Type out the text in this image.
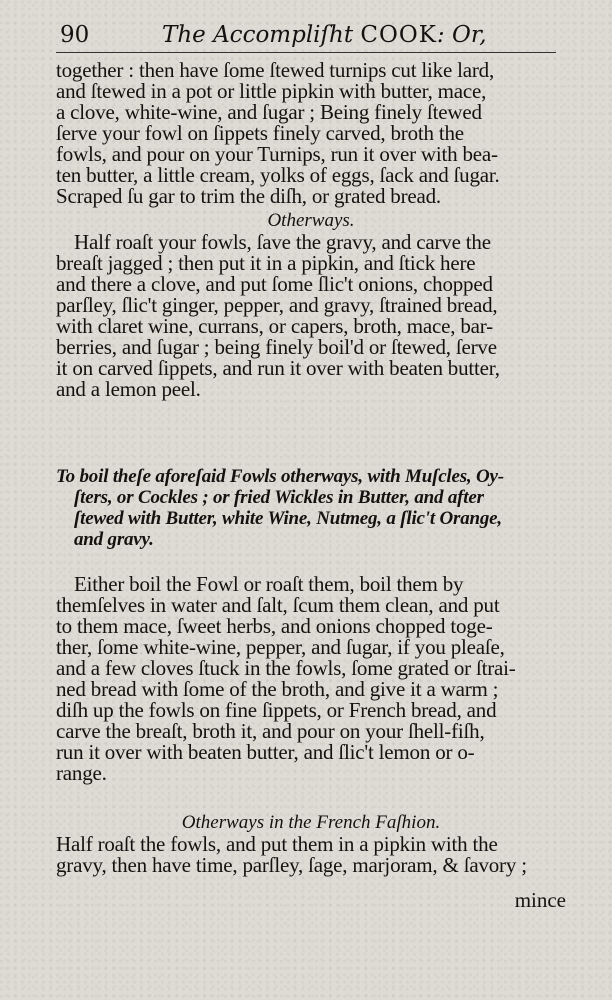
90	The Accompliſht COOK: Or,
together : then have ſome ſtewed turnips cut like lard,
and ſtewed in a pot or little pipkin with butter, mace,
a clove, white-wine, and ſugar ; Being finely ſtewed
ſerve your fowl on ſippets finely carved, broth the
fowls, and pour on your Turnips, run it over with bea-
ten butter, a little cream, yolks of eggs, ſack and ſugar.
Scraped ſu gar to trim the diſh, or grated bread.
Otherways.
Half roaſt your fowls, ſave the gravy, and carve the
breaſt jagged ; then put it in a pipkin, and ſtick here
and there a clove, and put ſome ſlic't onions, chopped
parſley, ſlic't ginger, pepper, and gravy, ſtrained bread,
with claret wine, currans, or capers, broth, mace, bar-
berries, and ſugar ; being finely boil'd or ſtewed, ſerve
it on carved ſippets, and run it over with beaten butter,
and a lemon peel.
To boil theſe aforeſaid Fowls otherways, with Muſcles, Oy-
ſters, or Cockles ; or fried Wickles in Butter, and after
ſtewed with Butter, white Wine, Nutmeg, a ſlic't Orange,
and gravy.
Either boil the Fowl or roaſt them, boil them by
themſelves in water and ſalt, ſcum them clean, and put
to them mace, ſweet herbs, and onions chopped toge-
ther, ſome white-wine, pepper, and ſugar, if you pleaſe,
and a few cloves ſtuck in the fowls, ſome grated or ſtrai-
ned bread with ſome of the broth, and give it a warm ;
diſh up the fowls on fine ſippets, or French bread, and
carve the breaſt, broth it, and pour on your ſhell-fiſh,
run it over with beaten butter, and ſlic't lemon or o-
range.
Otherways in the French Faſhion.
Half roaſt the fowls, and put them in a pipkin with the
gravy, then have time, parſley, ſage, marjoram, & ſavory ;
mince
